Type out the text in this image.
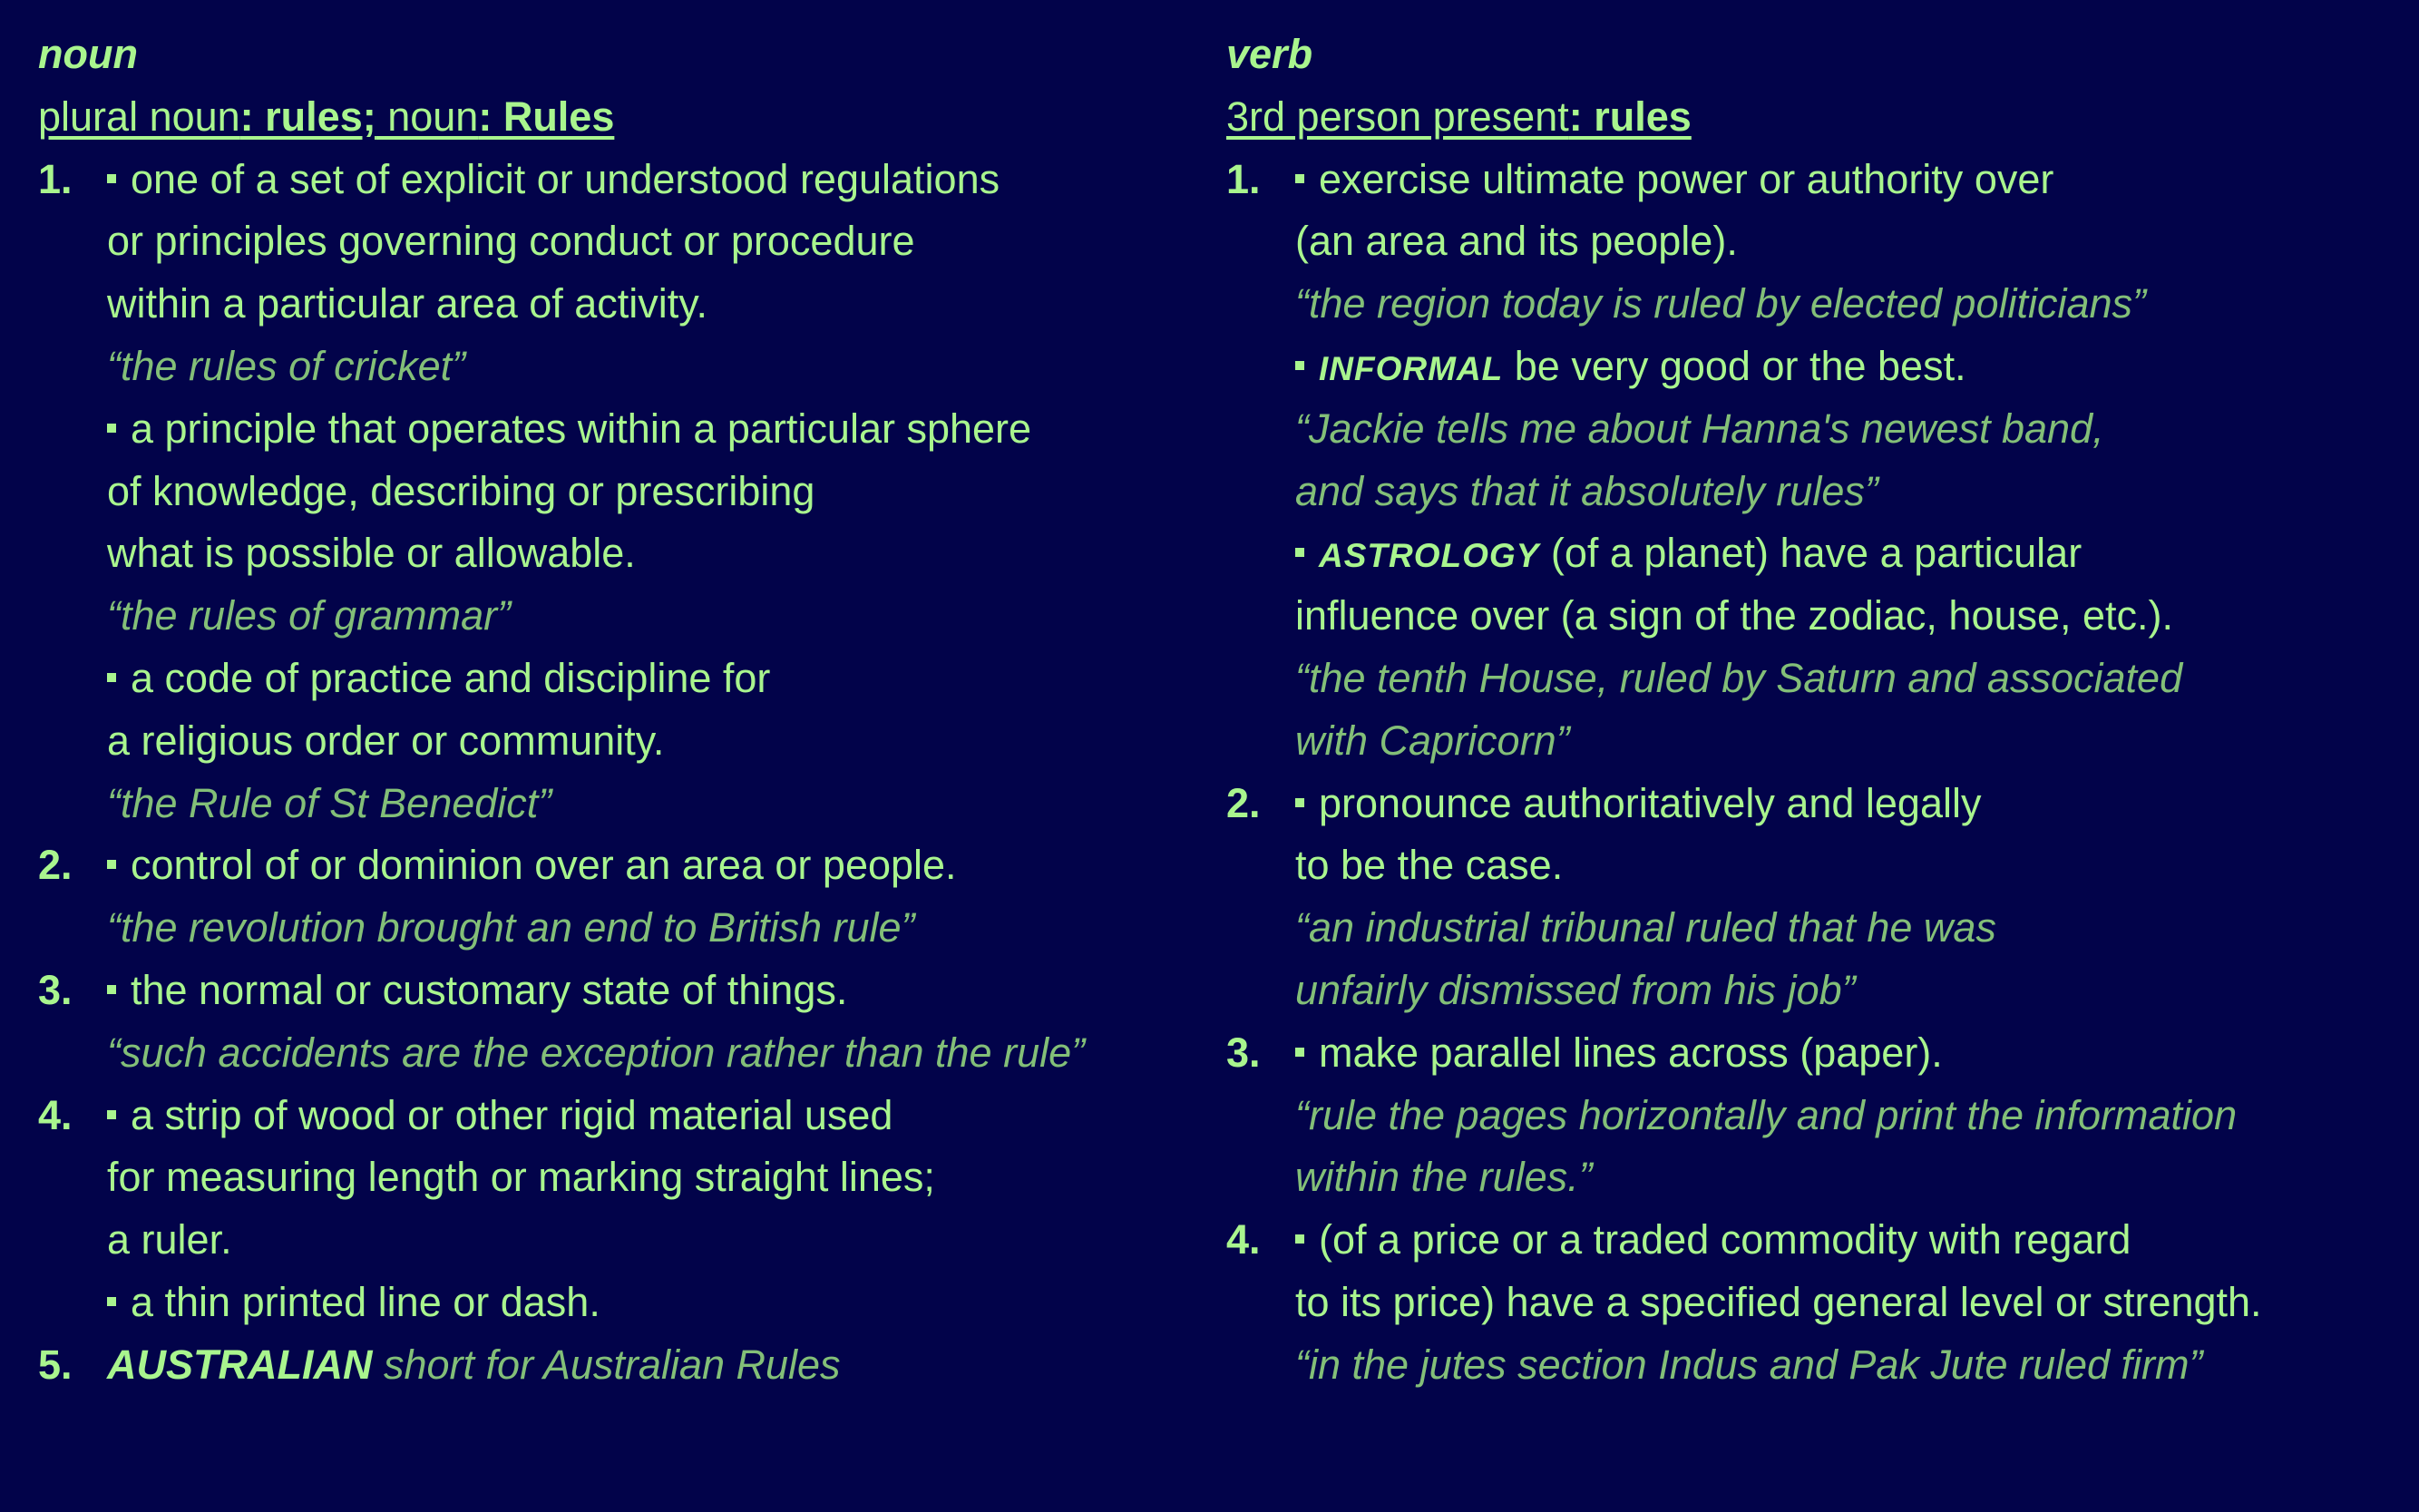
noun
plural noun: rules; noun: Rules
1.	one of a set of explicit or understood regulations
or principles governing conduct or procedure
within a particular area of activity.
“the rules of cricket”
a principle that operates within a particular sphere
of knowledge, describing or prescribing
what is possible or allowable.
“the rules of grammar”
a code of practice and discipline for
a religious order or community.
“the Rule of St Benedict”
2.	control of or dominion over an area or people.
“the revolution brought an end to British rule”
3.	the normal or customary state of things.
“such accidents are the exception rather than the rule”
4.	a strip of wood or other rigid material used
for measuring length or marking straight lines;
a ruler.
a thin printed line or dash.
5. AUSTRALIAN short for Australian Rules
verb
3rd person present: rules
1.	exercise ultimate power or authority over
(an area and its people).
“the region today is ruled by elected politicians”
INFORMAL be very good or the best.
“Jackie tells me about Hanna's newest band,
and says that it absolutely rules”
ASTROLOGY (of a planet) have a particular
influence over (a sign of the zodiac, house, etc.).
“the tenth House, ruled by Saturn and associated
with Capricorn”
2.	pronounce authoritatively and legally
to be the case.
“an industrial tribunal ruled that he was
unfairly dismissed from his job”
3.	make parallel lines across (paper).
“rule the pages horizontally and print the information
within the rules.”
4.	(of a price or a traded commodity with regard
to its price) have a specified general level or strength.
“in the jutes section Indus and Pak Jute ruled firm”
